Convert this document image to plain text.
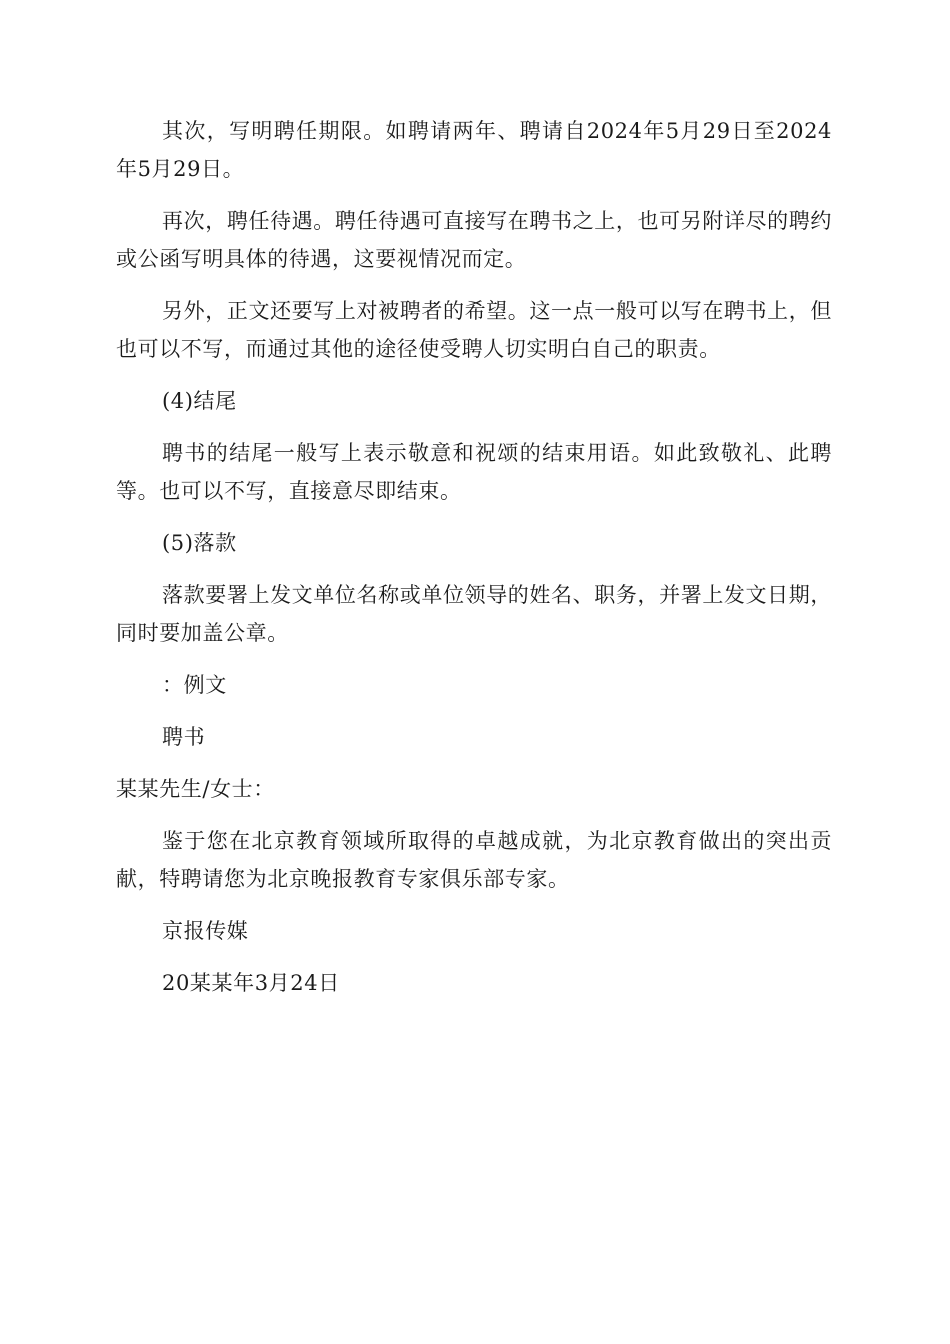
其次，写明聘任期限。如聘请两年、聘请自2024年5月29日至2024年5月29日。

再次，聘任待遇。聘任待遇可直接写在聘书之上，也可另附详尽的聘约或公函写明具体的待遇，这要视情况而定。

另外，正文还要写上对被聘者的希望。这一点一般可以写在聘书上，但也可以不写，而通过其他的途径使受聘人切实明白自己的职责。

(4)结尾

聘书的结尾一般写上表示敬意和祝颂的结束用语。如此致敬礼、此聘等。也可以不写，直接意尽即结束。

(5)落款

落款要署上发文单位名称或单位领导的姓名、职务，并署上发文日期，同时要加盖公章。

：例文

聘书

某某先生/女士：

鉴于您在北京教育领域所取得的卓越成就，为北京教育做出的突出贡献，特聘请您为北京晚报教育专家俱乐部专家。

京报传媒

20某某年3月24日
